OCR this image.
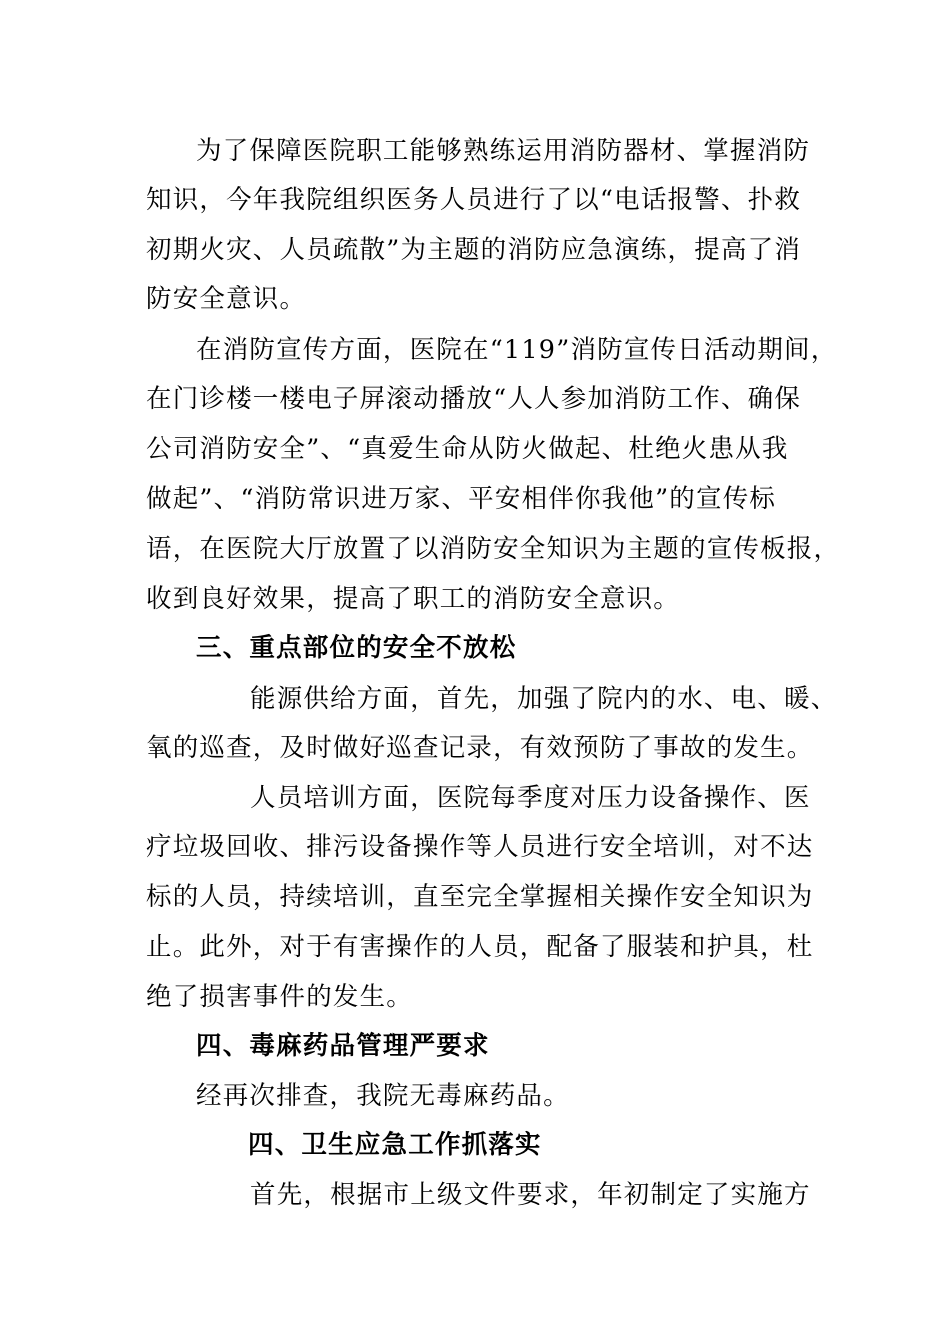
为了保障医院职工能够熟练运用消防器材、掌握消防
知识，今年我院组织医务人员进行了以“电话报警、扑救
初期火灾、人员疏散”为主题的消防应急演练，提高了消
防安全意识。
在消防宣传方面，医院在“119”消防宣传日活动期间，
在门诊楼一楼电子屏滚动播放“人人参加消防工作、确保
公司消防安全”、“真爱生命从防火做起、杜绝火患从我
做起”、“消防常识进万家、平安相伴你我他”的宣传标
语，在医院大厅放置了以消防安全知识为主题的宣传板报，
收到良好效果，提高了职工的消防安全意识。
三、重点部位的安全不放松
能源供给方面，首先，加强了院内的水、电、暖、
氧的巡查，及时做好巡查记录，有效预防了事故的发生。
人员培训方面，医院每季度对压力设备操作、医
疗垃圾回收、排污设备操作等人员进行安全培训，对不达
标的人员，持续培训，直至完全掌握相关操作安全知识为
止。此外，对于有害操作的人员，配备了服装和护具，杜
绝了损害事件的发生。
四、毒麻药品管理严要求
经再次排查，我院无毒麻药品。
四、卫生应急工作抓落实
首先，根据市上级文件要求，年初制定了实施方
